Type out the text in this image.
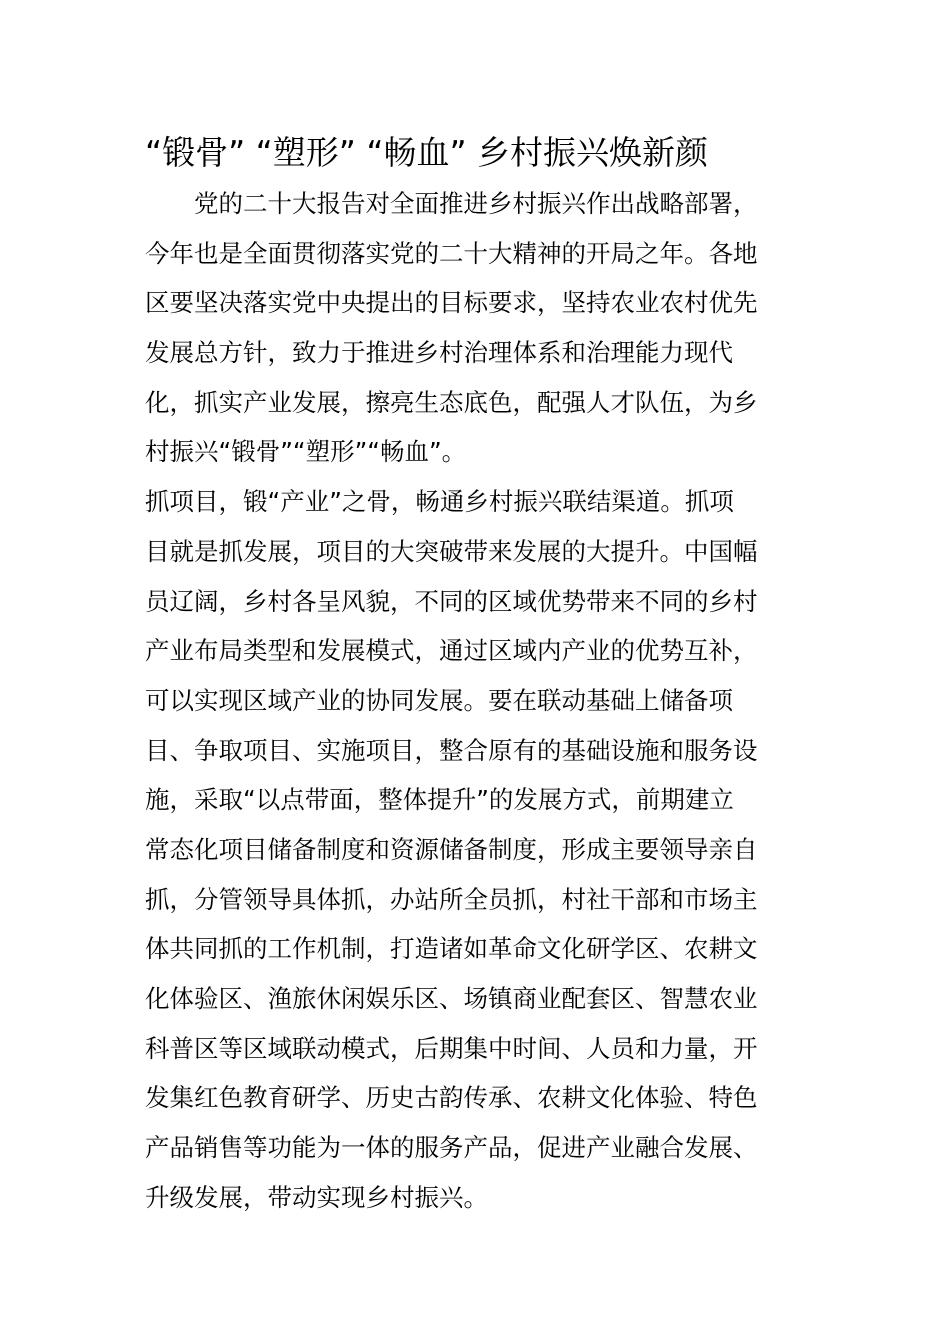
“锻骨” “塑形” “畅血” 乡村振兴焕新颜
　　党的二十大报告对全面推进乡村振兴作出战略部署，
今年也是全面贯彻落实党的二十大精神的开局之年。各地
区要坚决落实党中央提出的目标要求，坚持农业农村优先
发展总方针，致力于推进乡村治理体系和治理能力现代
化，抓实产业发展，擦亮生态底色，配强人才队伍，为乡
村振兴“锻骨”“塑形”“畅血”。
抓项目，锻“产业”之骨，畅通乡村振兴联结渠道。抓项
目就是抓发展，项目的大突破带来发展的大提升。中国幅
员辽阔，乡村各呈风貌，不同的区域优势带来不同的乡村
产业布局类型和发展模式，通过区域内产业的优势互补，
可以实现区域产业的协同发展。要在联动基础上储备项
目、争取项目、实施项目，整合原有的基础设施和服务设
施，采取“以点带面，整体提升”的发展方式，前期建立
常态化项目储备制度和资源储备制度，形成主要领导亲自
抓，分管领导具体抓，办站所全员抓，村社干部和市场主
体共同抓的工作机制，打造诸如革命文化研学区、农耕文
化体验区、渔旅休闲娱乐区、场镇商业配套区、智慧农业
科普区等区域联动模式，后期集中时间、人员和力量，开
发集红色教育研学、历史古韵传承、农耕文化体验、特色
产品销售等功能为一体的服务产品，促进产业融合发展、
升级发展，带动实现乡村振兴。
